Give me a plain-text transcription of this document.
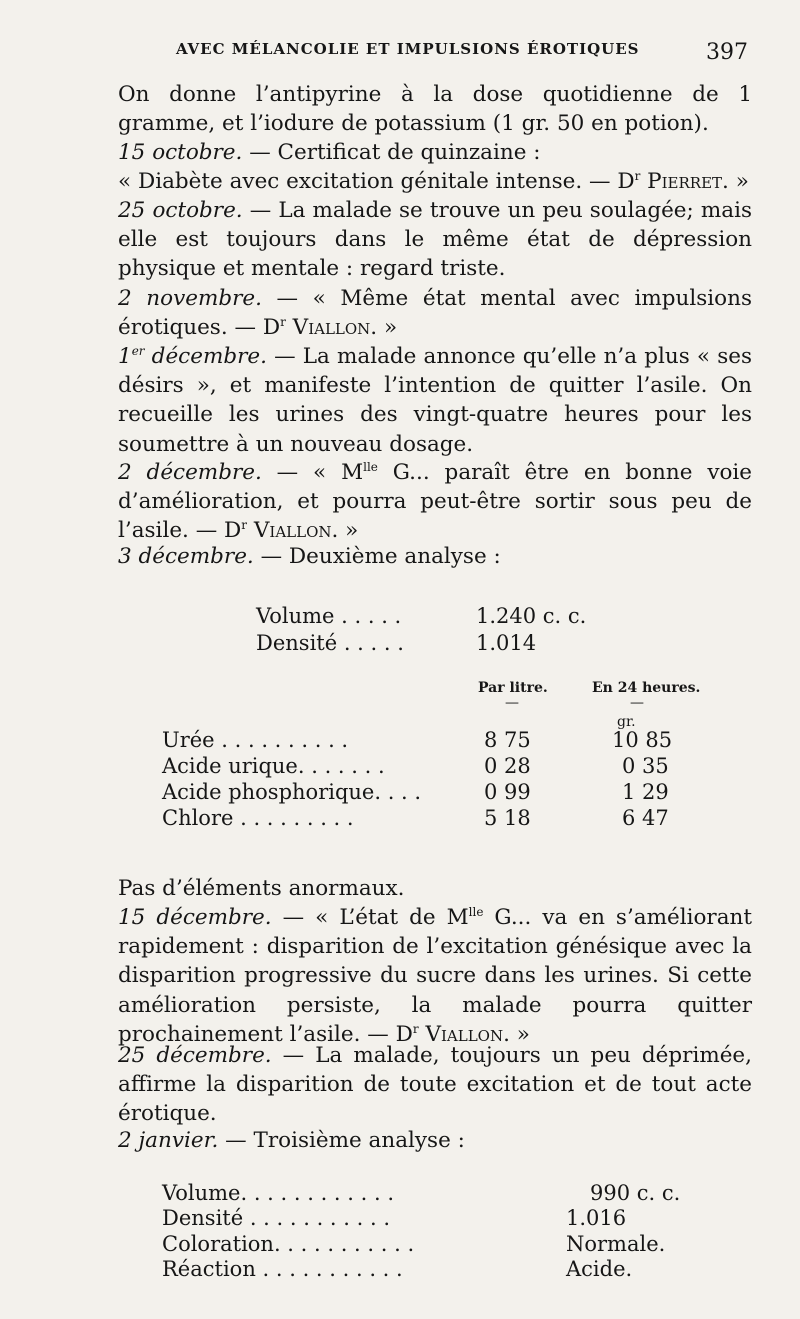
AVEC MÉLANCOLIE ET IMPULSIONS ÉROTIQUES	397
On donne l’antipyrine à la dose quotidienne de 1 gramme, et l’iodure de potassium (1 gr. 50 en potion).
15 octobre. — Certificat de quinzaine :
« Diabète avec excitation génitale intense. — $D^r$ Pierret. »
25 octobre. — La malade se trouve un peu soulagée; mais elle est toujours dans le même état de dépression physique et mentale : regard triste.
2 novembre. — « Même état mental avec impulsions érotiques. — $D^r$ Viallon. »
1er décembre. — La malade annonce qu’elle n’a plus « ses désirs », et manifeste l’intention de quitter l’asile. On recueille les urines des vingt-quatre heures pour les soumettre à un nouveau dosage.
2 décembre. — « $M^{lle}$ G... paraît être en bonne voie d’amélioration, et pourra peut-être sortir sous peu de l’asile. — $D^r$ Viallon. »
3 décembre. — Deuxième analyse :
Volume . . . . .	1.240 c. c.
Densité . . . . .	1.014
Par litre.	En 24 heures.
—	—
gr.
Urée . . . . . . . . . .	8 75	10 85
Acide urique. . . . . . .	0 28	0 35
Acide phosphorique. . . .	0 99	1 29
Chlore . . . . . . . . .	5 18	6 47
Pas d’éléments anormaux.
15 décembre. — « L’état de $M^{lle}$ G... va en s’améliorant rapidement : disparition de l’excitation génésique avec la disparition progressive du sucre dans les urines. Si cette amélioration persiste, la malade pourra quitter prochainement l’asile. — $D^r$ Viallon. »
25 décembre. — La malade, toujours un peu déprimée, affirme la disparition de toute excitation et de tout acte érotique.
2 janvier. — Troisième analyse :
Volume. . . . . . . . . . . .	990 c. c.
Densité . . . . . . . . . . .	1.016
Coloration. . . . . . . . . . .	Normale.
Réaction . . . . . . . . . . .	Acide.
